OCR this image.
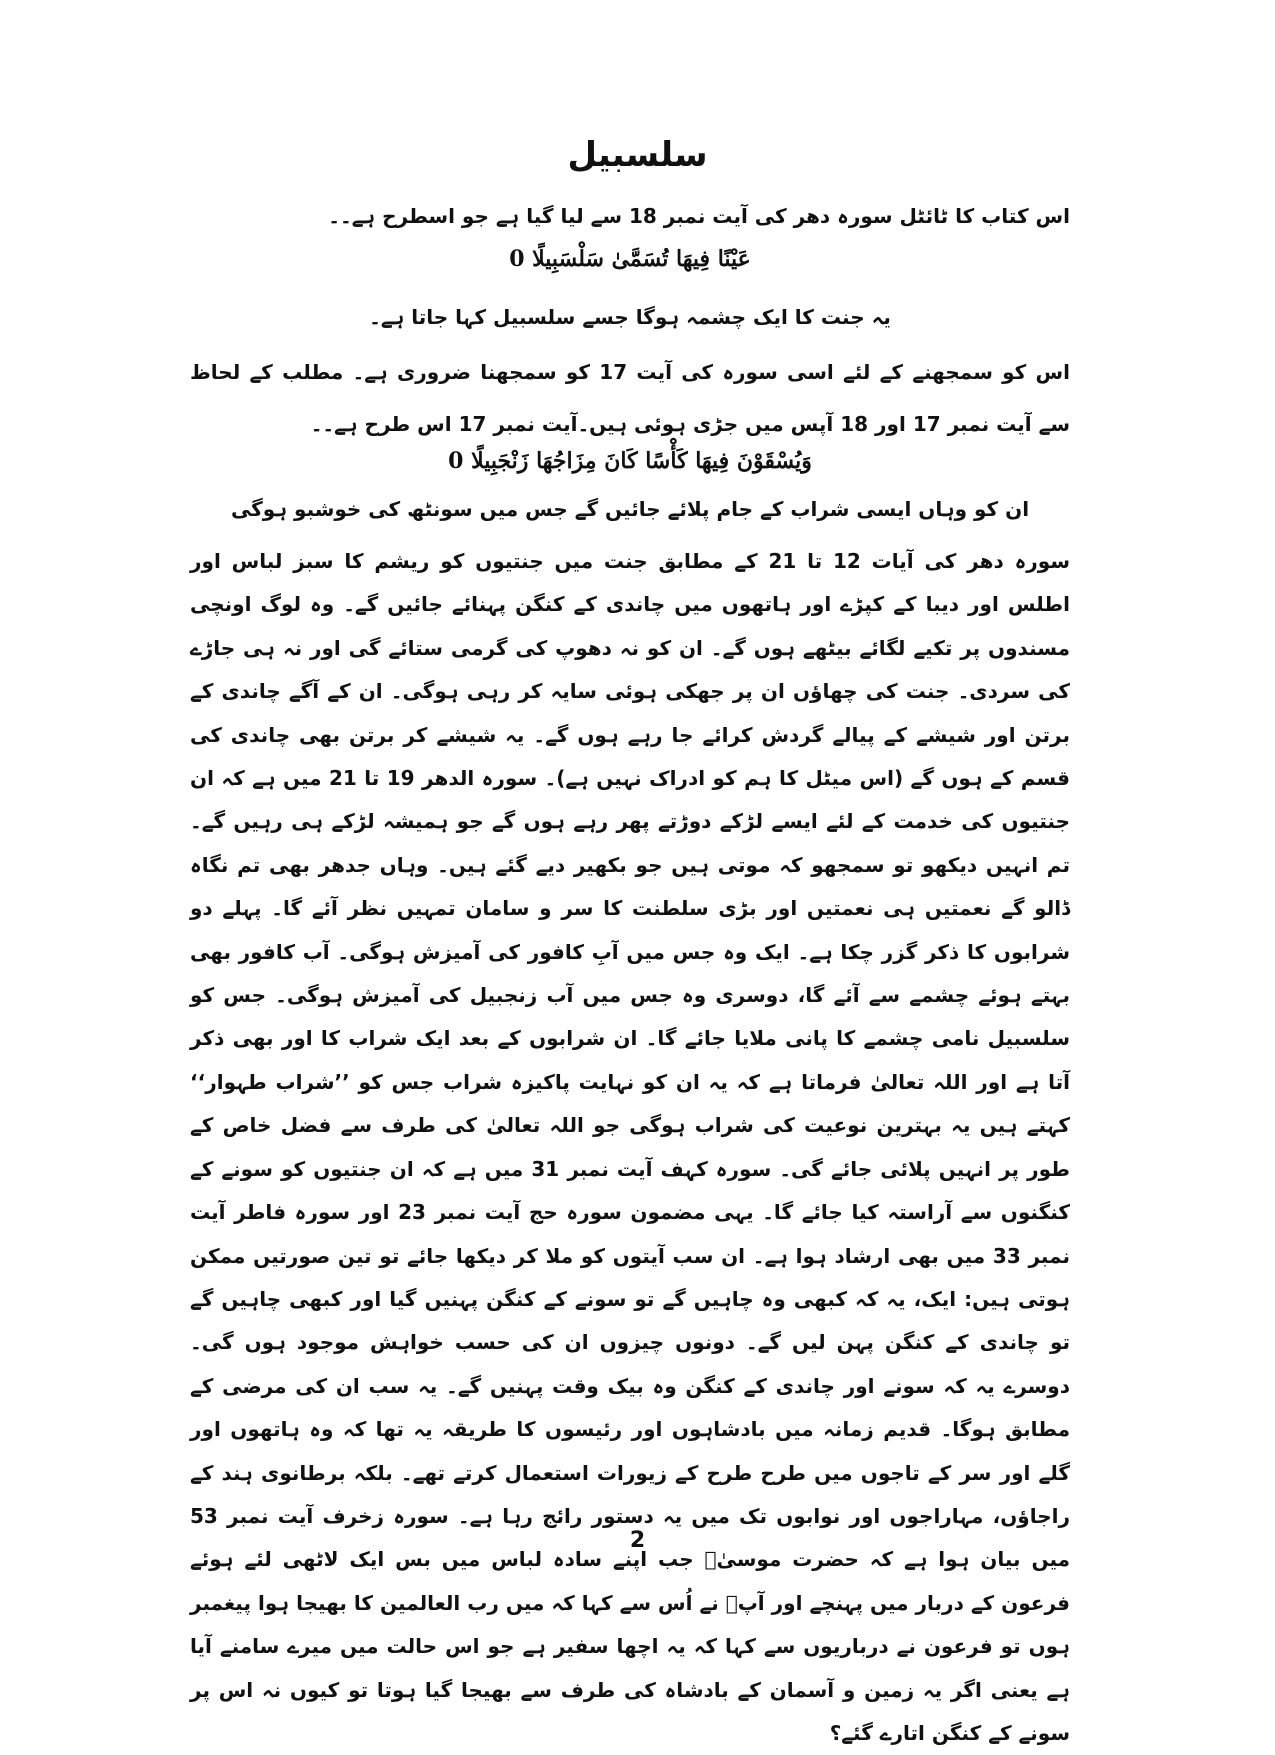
سلسبیل
اس کتاب کا ٹائٹل سورہ دھر کی آیت نمبر 18 سے لیا گیا ہے جو اسطرح ہے۔۔
عَيْنًا فِيهَا تُسَمَّىٰ سَلْسَبِيلًا 0
یہ جنت کا ایک چشمہ ہوگا جسے سلسبیل کہا جاتا ہے۔
اس کو سمجھنے کے لئے اسی سورہ کی آیت 17 کو سمجھنا ضروری ہے۔ مطلب کے لحاظ سے آیت نمبر 17 اور 18 آپس میں جڑی ہوئی ہیں۔آیت نمبر 17 اس طرح ہے۔۔
وَيُسْقَوْنَ فِيهَا كَأْسًا كَانَ مِزَاجُهَا زَنْجَبِيلًا 0
ان کو وہاں ایسی شراب کے جام پلائے جائیں گے جس میں سونٹھ کی خوشبو ہوگی
سورہ دھر کی آیات 12 تا 21 کے مطابق جنت میں جنتیوں کو ریشم کا سبز لباس اور اطلس اور دیبا کے کپڑے اور ہاتھوں میں چاندی کے کنگن پہنائے جائیں گے۔ وہ لوگ اونچی مسندوں پر تکیے لگائے بیٹھے ہوں گے۔ ان کو نہ دھوپ کی گرمی ستائے گی اور نہ ہی جاڑے کی سردی۔ جنت کی چھاؤں ان پر جھکی ہوئی سایہ کر رہی ہوگی۔ ان کے آگے چاندی کے برتن اور شیشے کے پیالے گردش کرائے جا رہے ہوں گے۔ یہ شیشے کر برتن بھی چاندی کی قسم کے ہوں گے (اس میٹل کا ہم کو ادراک نہیں ہے)۔ سورہ الدھر 19 تا 21 میں ہے کہ ان جنتیوں کی خدمت کے لئے ایسے لڑکے دوڑتے پھر رہے ہوں گے جو ہمیشہ لڑکے ہی رہیں گے۔ تم انہیں دیکھو تو سمجھو کہ موتی ہیں جو بکھیر دیے گئے ہیں۔ وہاں جدھر بھی تم نگاہ ڈالو گے نعمتیں ہی نعمتیں اور بڑی سلطنت کا سر و سامان تمہیں نظر آئے گا۔ پہلے دو شرابوں کا ذکر گزر چکا ہے۔ ایک وہ جس میں آبِ کافور کی آمیزش ہوگی۔ آب کافور بھی بہتے ہوئے چشمے سے آئے گا، دوسری وہ جس میں آب زنجبیل کی آمیزش ہوگی۔ جس کو سلسبیل نامی چشمے کا پانی ملایا جائے گا۔ ان شرابوں کے بعد ایک شراب کا اور بھی ذکر آتا ہے اور اللہ تعالیٰ فرماتا ہے کہ یہ ان کو نہایت پاکیزہ شراب جس کو ’’شراب طہوار‘‘ کہتے ہیں یہ بہترین نوعیت کی شراب ہوگی جو اللہ تعالیٰ کی طرف سے فضل خاص کے طور پر انہیں پلائی جائے گی۔ سورہ کہف آیت نمبر 31 میں ہے کہ ان جنتیوں کو سونے کے کنگنوں سے آراستہ کیا جائے گا۔ یہی مضمون سورہ حج آیت نمبر 23 اور سورہ فاطر آیت نمبر 33 میں بھی ارشاد ہوا ہے۔ ان سب آیتوں کو ملا کر دیکھا جائے تو تین صورتیں ممکن ہوتی ہیں: ایک، یہ کہ کبھی وہ چاہیں گے تو سونے کے کنگن پہنیں گیا اور کبھی چاہیں گے تو چاندی کے کنگن پہن لیں گے۔ دونوں چیزوں ان کی حسب خواہش موجود ہوں گی۔ دوسرے یہ کہ سونے اور چاندی کے کنگن وہ بیک وقت پہنیں گے۔ یہ سب ان کی مرضی کے مطابق ہوگا۔ قدیم زمانہ میں بادشاہوں اور رئیسوں کا طریقہ یہ تھا کہ وہ ہاتھوں اور گلے اور سر کے تاجوں میں طرح طرح کے زیورات استعمال کرتے تھے۔ بلکہ برطانوی ہند کے راجاؤں، مہاراجوں اور نوابوں تک میں یہ دستور رائج رہا ہے۔ سورہ زخرف آیت نمبر 53 میں بیان ہوا ہے کہ حضرت موسیٰؑ جب اپنے سادہ لباس میں بس ایک لاٹھی لئے ہوئے فرعون کے دربار میں پہنچے اور آپؑ نے اُس سے کہا کہ میں رب العالمین کا بھیجا ہوا پیغمبر ہوں تو فرعون نے درباریوں سے کہا کہ یہ اچھا سفیر ہے جو اس حالت میں میرے سامنے آیا ہے یعنی اگر یہ زمین و آسمان کے بادشاہ کی طرف سے بھیجا گیا ہوتا تو کیوں نہ اس پر سونے کے کنگن اتارے گئے؟
2
